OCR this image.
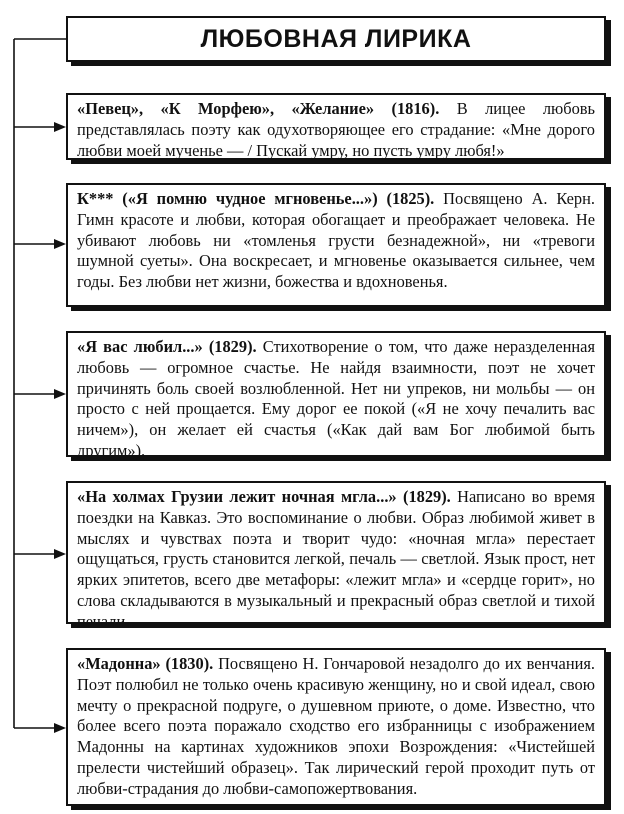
ЛЮБОВНАЯ ЛИРИКА
«Певец», «К Морфею», «Желание» (1816). В лицее любовь представлялась поэту как одухотворяющее его страдание: «Мне дорого любви моей мученье — / Пускай умру, но пусть умру любя!»
К*** («Я помню чудное мгновенье...») (1825). Посвящено А. Керн. Гимн красоте и любви, которая обогащает и преображает человека. Не убивают любовь ни «томленья грусти безнадежной», ни «тревоги шумной суеты». Она воскресает, и мгновенье оказывается сильнее, чем годы. Без любви нет жизни, божества и вдохновенья.
«Я вас любил...» (1829). Стихотворение о том, что даже неразделенная любовь — огромное счастье. Не найдя взаимности, поэт не хочет причинять боль своей возлюбленной. Нет ни упреков, ни мольбы — он просто с ней прощается. Ему дорог ее покой («Я не хочу печалить вас ничем»), он желает ей счастья («Как дай вам Бог любимой быть другим»).
«На холмах Грузии лежит ночная мгла...» (1829). Написано во время поездки на Кавказ. Это воспоминание о любви. Образ любимой живет в мыслях и чувствах поэта и творит чудо: «ночная мгла» перестает ощущаться, грусть становится легкой, печаль — светлой. Язык прост, нет ярких эпитетов, всего две метафоры: «лежит мгла» и «сердце горит», но слова складываются в музыкальный и прекрасный образ светлой и тихой печали.
«Мадонна» (1830). Посвящено Н. Гончаровой незадолго до их венчания. Поэт полюбил не только очень красивую женщину, но и свой идеал, свою мечту о прекрасной подруге, о душевном приюте, о доме. Известно, что более всего поэта поражало сходство его избранницы с изображением Мадонны на картинах художников эпохи Возрождения: «Чистейшей прелести чистейший образец». Так лирический герой проходит путь от любви-страдания до любви-самопожертвования.
